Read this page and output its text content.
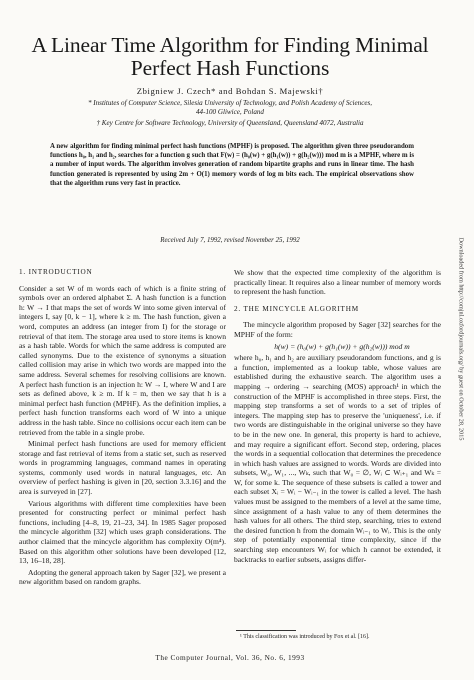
A Linear Time Algorithm for Finding Minimal
Perfect Hash Functions
Zbigniew J. Czech* and Bohdan S. Majewski†
* Institutes of Computer Science, Silesia University of Technology, and Polish Academy of Sciences,
44-100 Gliwice, Poland
† Key Centre for Software Technology, University of Queensland, Queensland 4072, Australia

A new algorithm for finding minimal perfect hash functions (MPHF) is proposed. The algorithm given three pseudorandom functions h₀, h₁ and h₂, searches for a function g such that F(w) = (h₀(w) + g(h₁(w)) + g(h₂(w))) mod m is a MPHF, where m is a number of input words. The algorithm involves generation of random bipartite graphs and runs in linear time. The hash function generated is represented by using 2m + O(1) memory words of log m bits each. The empirical observations show that the algorithm runs very fast in practice.

Received July 7, 1992, revised November 25, 1992
1. INTRODUCTION

Consider a set W of m words each of which is a finite string of symbols over an ordered alphabet Σ. A hash function is a function h: W → I that maps the set of words W into some given interval of integers I, say [0, k − 1], where k ≥ m. The hash function, given a word, computes an address (an integer from I) for the storage or retrieval of that item. The storage area used to store items is known as a hash table. Words for which the same address is computed are called synonyms. Due to the existence of synonyms a situation called collision may arise in which two words are mapped into the same address. Several schemes for resolving collisions are known. A perfect hash function is an injection h: W → I, where W and I are sets as defined above, k ≥ m. If k = m, then we say that h is a minimal perfect hash function (MPHF). As the definition implies, a perfect hash function transforms each word of W into a unique address in the hash table. Since no collisions occur each item can be retrieved from the table in a single probe.

Minimal perfect hash functions are used for memory efficient storage and fast retrieval of items from a static set, such as reserved words in programming languages, command names in operating systems, commonly used words in natural languages, etc. An overview of perfect hashing is given in [20, section 3.3.16] and the area is surveyed in [27].

Various algorithms with different time complexities have been presented for constructing perfect or minimal perfect hash functions, including [4–8, 19, 21–23, 34]. In 1985 Sager proposed the mincycle algorithm [32] which uses graph considerations. The author claimed that the mincycle algorithm has complexity O(m⁴). Based on this algorithm other solutions have been developed [12, 13, 16–18, 28].

Adopting the general approach taken by Sager [32], we present a new algorithm based on random graphs.

We show that the expected time complexity of the algorithm is practically linear. It requires also a linear number of memory words to represent the hash function.

2. THE MINCYCLE ALGORITHM

The mincycle algorithm proposed by Sager [32] searches for the MPHF of the form:

h(w) = (h₀(w) + g(h₁(w)) + g(h₂(w))) mod m

where h₀, h₁ and h₂ are auxiliary pseudorandom functions, and g is a function, implemented as a lookup table, whose values are established during the exhaustive search. The algorithm uses a mapping → ordering → searching (MOS) approach¹ in which the construction of the MPHF is accomplished in three steps. First, the mapping step transforms a set of words to a set of triples of integers. The mapping step has to preserve the 'uniqueness', i.e. if two words are distinguishable in the original universe so they have to be in the new one. In general, this property is hard to achieve, and may require a significant effort. Second step, ordering, places the words in a sequential collocation that determines the precedence in which hash values are assigned to words. Words are divided into subsets, W₀, W₁, ..., Wₖ, such that W₀ = ∅, Wᵢ ⊂ Wᵢ₊₁ and Wₖ = W, for some k. The sequence of these subsets is called a tower and each subset Xᵢ = Wᵢ − Wᵢ₋₁ in the tower is called a level. The hash values must be assigned to the members of a level at the same time, since assignment of a hash value to any of them determines the hash values for all others. The third step, searching, tries to extend the desired function h from the domain Wᵢ₋₁ to Wᵢ. This is the only step of potentially exponential time complexity, since if the searching step encounters Wᵢ for which h cannot be extended, it backtracks to earlier subsets, assigns differ-

¹ This classification was introduced by Fox et al. [16].
The Computer Journal, Vol. 36, No. 6, 1993
Downloaded from http://comjnl.oxfordjournals.org/ by guest on October 28, 2015
